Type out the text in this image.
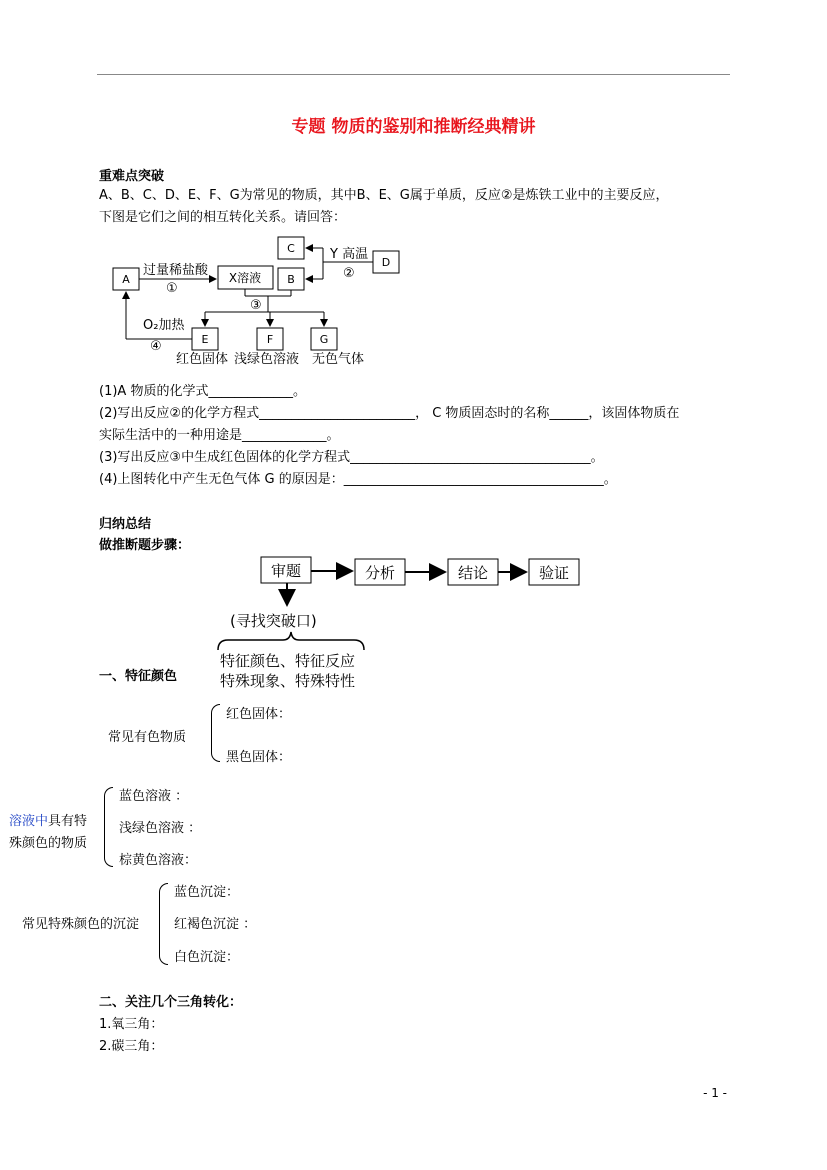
专题 物质的鉴别和推断经典精讲
重难点突破
A、B、C、D、E、F、G为常见的物质，其中B、E、G属于单质，反应②是炼铁工业中的主要反应，
下图是它们之间的相互转化关系。请回答：
A	X溶液
C
B
D
E	F	G
过量稀盐酸
①
Y 高温
②
③
O₂加热
④
红色固体 浅绿色溶液 无色气体
(1)A 物质的化学式_____________。
(2)写出反应②的化学方程式________________________， C 物质固态时的名称______，该固体物质在
实际生活中的一种用途是_____________。
(3)写出反应③中生成红色固体的化学方程式_____________________________________。
(4)上图转化中产生无色气体 G 的原因是：________________________________________。
归纳总结
做推断题步骤：
审题	分析	结论	验证
(寻找突破口)
特征颜色、特征反应
特殊现象、特殊特性
一、特征颜色
常见有色物质
红色固体：
黑色固体：
溶液中具有特
殊颜色的物质
蓝色溶液 ：
浅绿色溶液 ：
棕黄色溶液：
常见特殊颜色的沉淀
蓝色沉淀：
红褐色沉淀 ：
白色沉淀：
二、关注几个三角转化：
1.氧三角：
2.碳三角：
- 1 -
